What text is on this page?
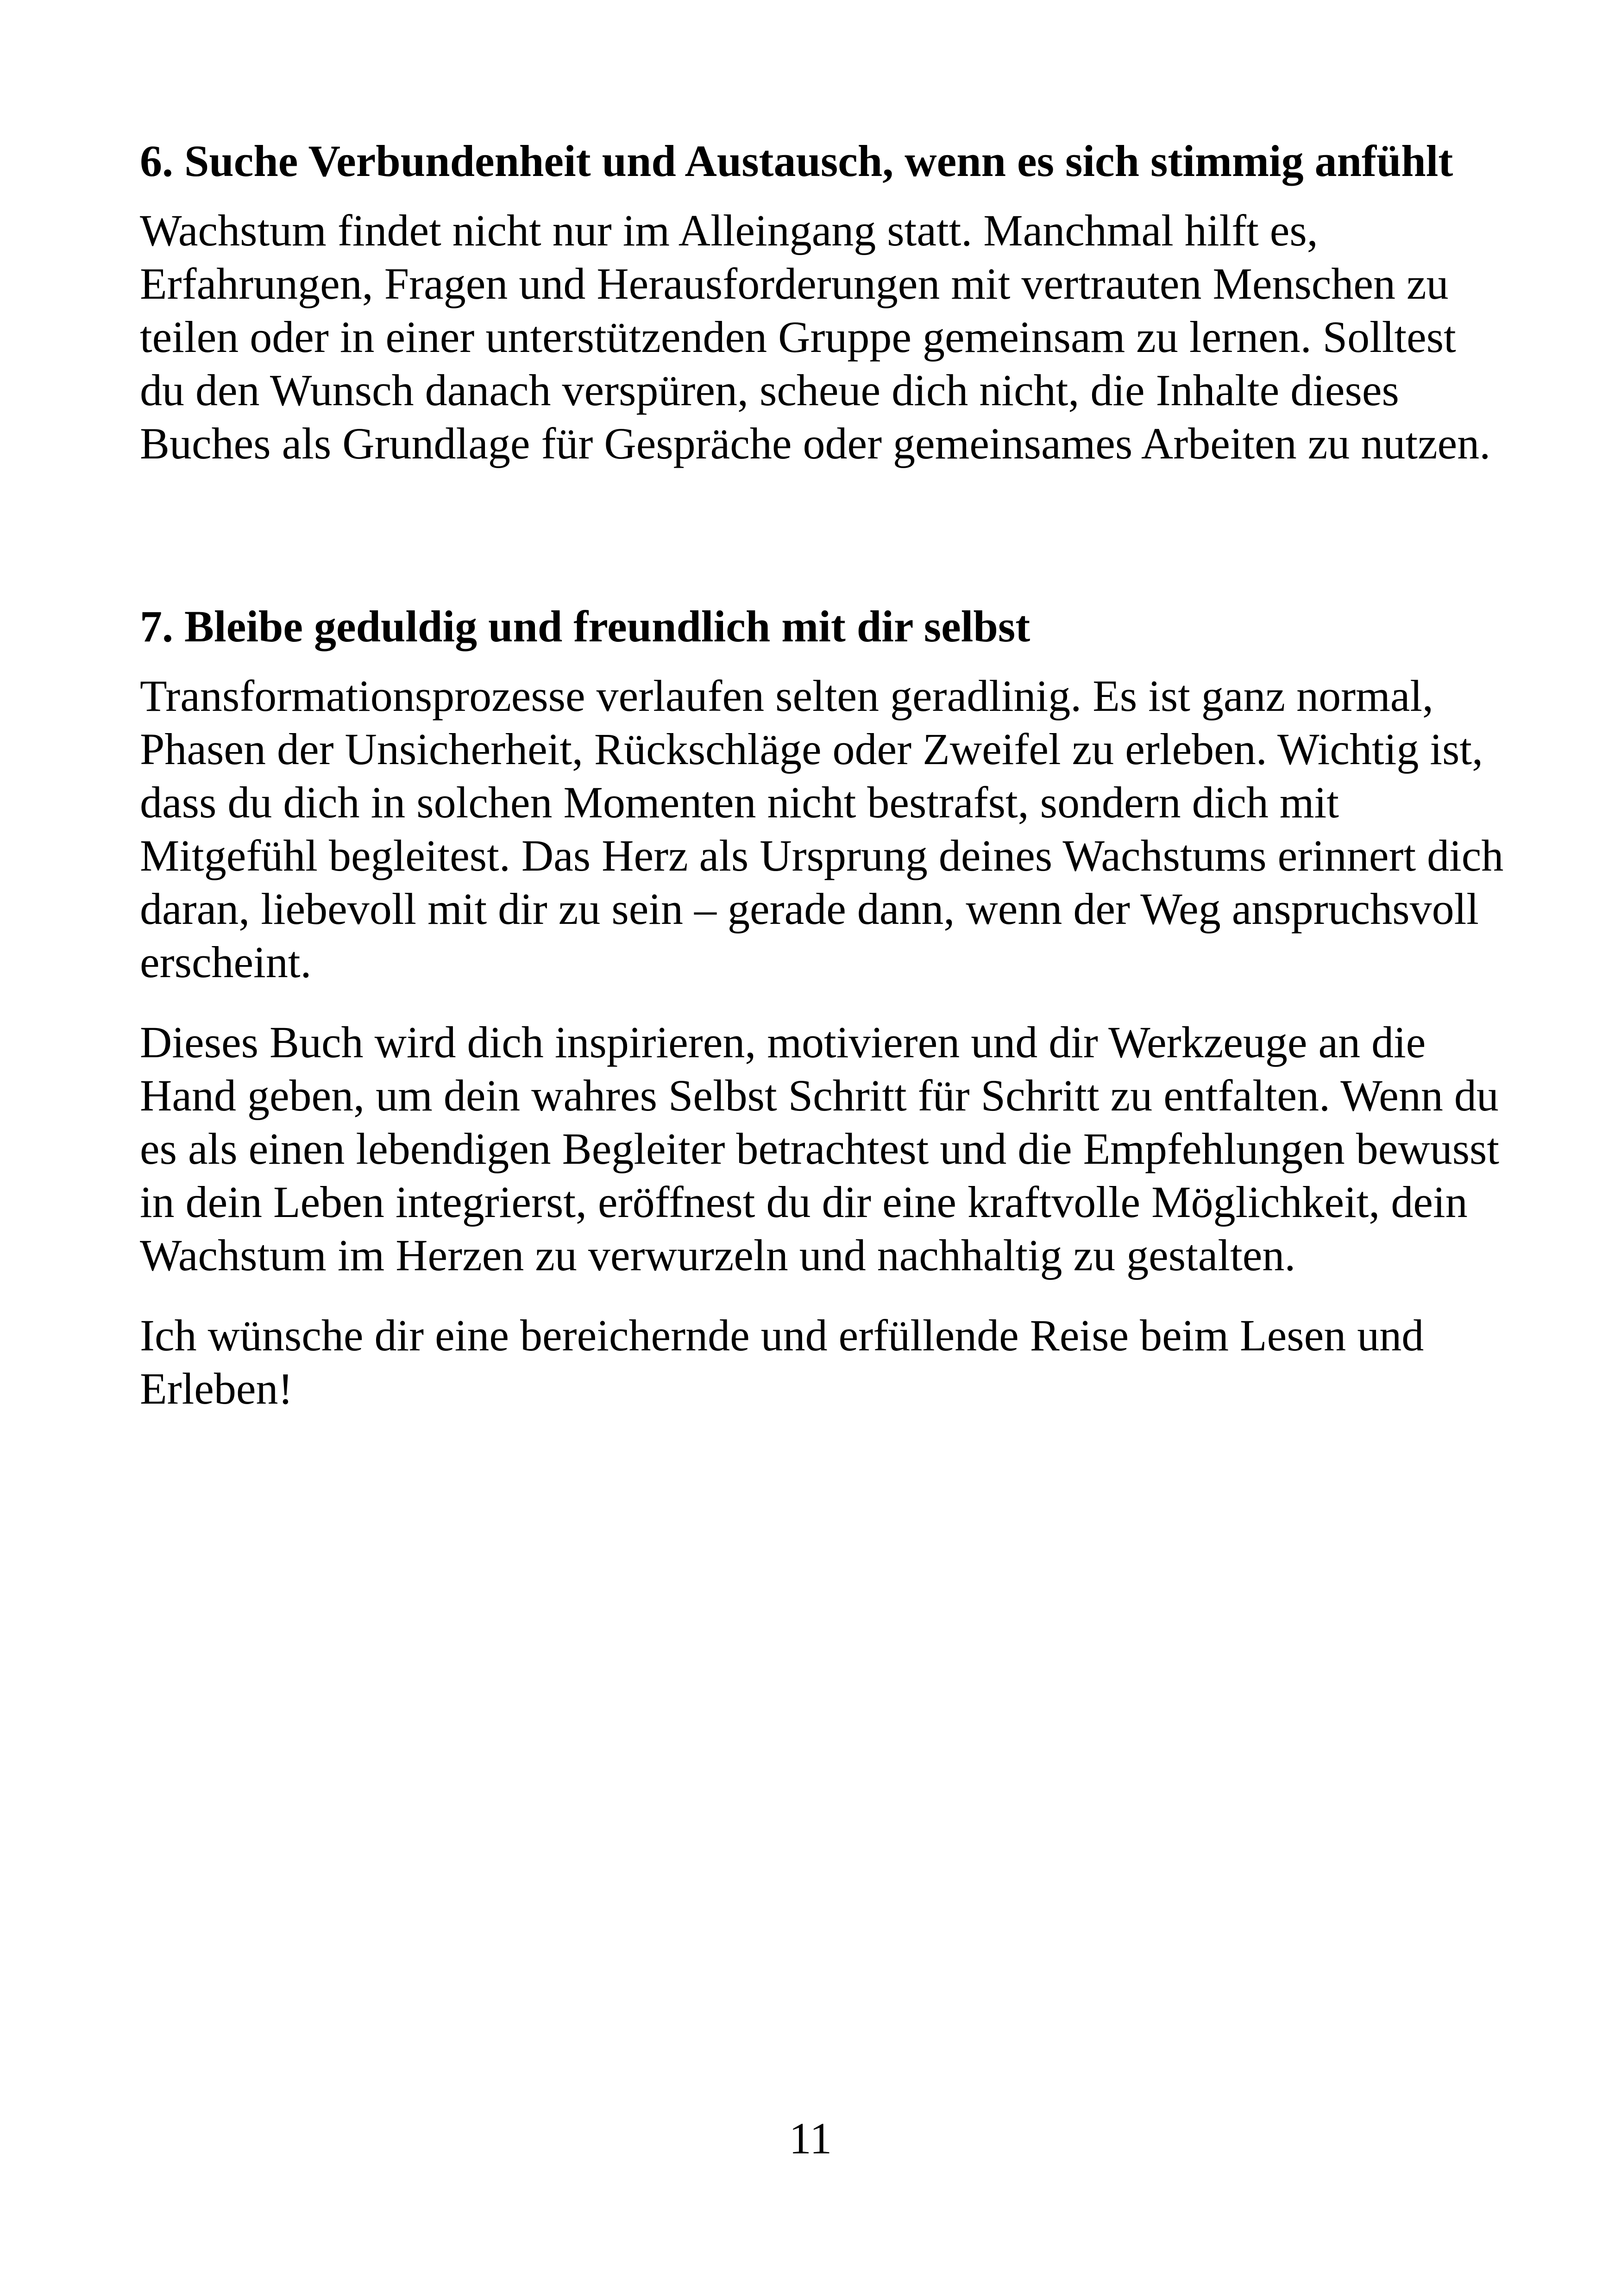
6. Suche Verbundenheit und Austausch, wenn es sich stimmig anfühlt

Wachstum findet nicht nur im Alleingang statt. Manchmal hilft es, Erfahrungen, Fragen und Herausforderungen mit vertrauten Menschen zu teilen oder in einer unterstützenden Gruppe gemeinsam zu lernen. Solltest du den Wunsch danach verspüren, scheue dich nicht, die Inhalte dieses Buches als Grundlage für Gespräche oder gemeinsames Arbeiten zu nutzen.

7. Bleibe geduldig und freundlich mit dir selbst

Transformationsprozesse verlaufen selten geradlinig. Es ist ganz normal, Phasen der Unsicherheit, Rückschläge oder Zweifel zu erleben. Wichtig ist, dass du dich in solchen Momenten nicht bestrafst, sondern dich mit Mitgefühl begleitest. Das Herz als Ursprung deines Wachstums erinnert dich daran, liebevoll mit dir zu sein – gerade dann, wenn der Weg anspruchsvoll erscheint.

Dieses Buch wird dich inspirieren, motivieren und dir Werkzeuge an die Hand geben, um dein wahres Selbst Schritt für Schritt zu entfalten. Wenn du es als einen lebendigen Begleiter betrachtest und die Empfehlungen bewusst in dein Leben integrierst, eröffnest du dir eine kraftvolle Möglichkeit, dein Wachstum im Herzen zu verwurzeln und nachhaltig zu gestalten.

Ich wünsche dir eine bereichernde und erfüllende Reise beim Lesen und Erleben!

11
